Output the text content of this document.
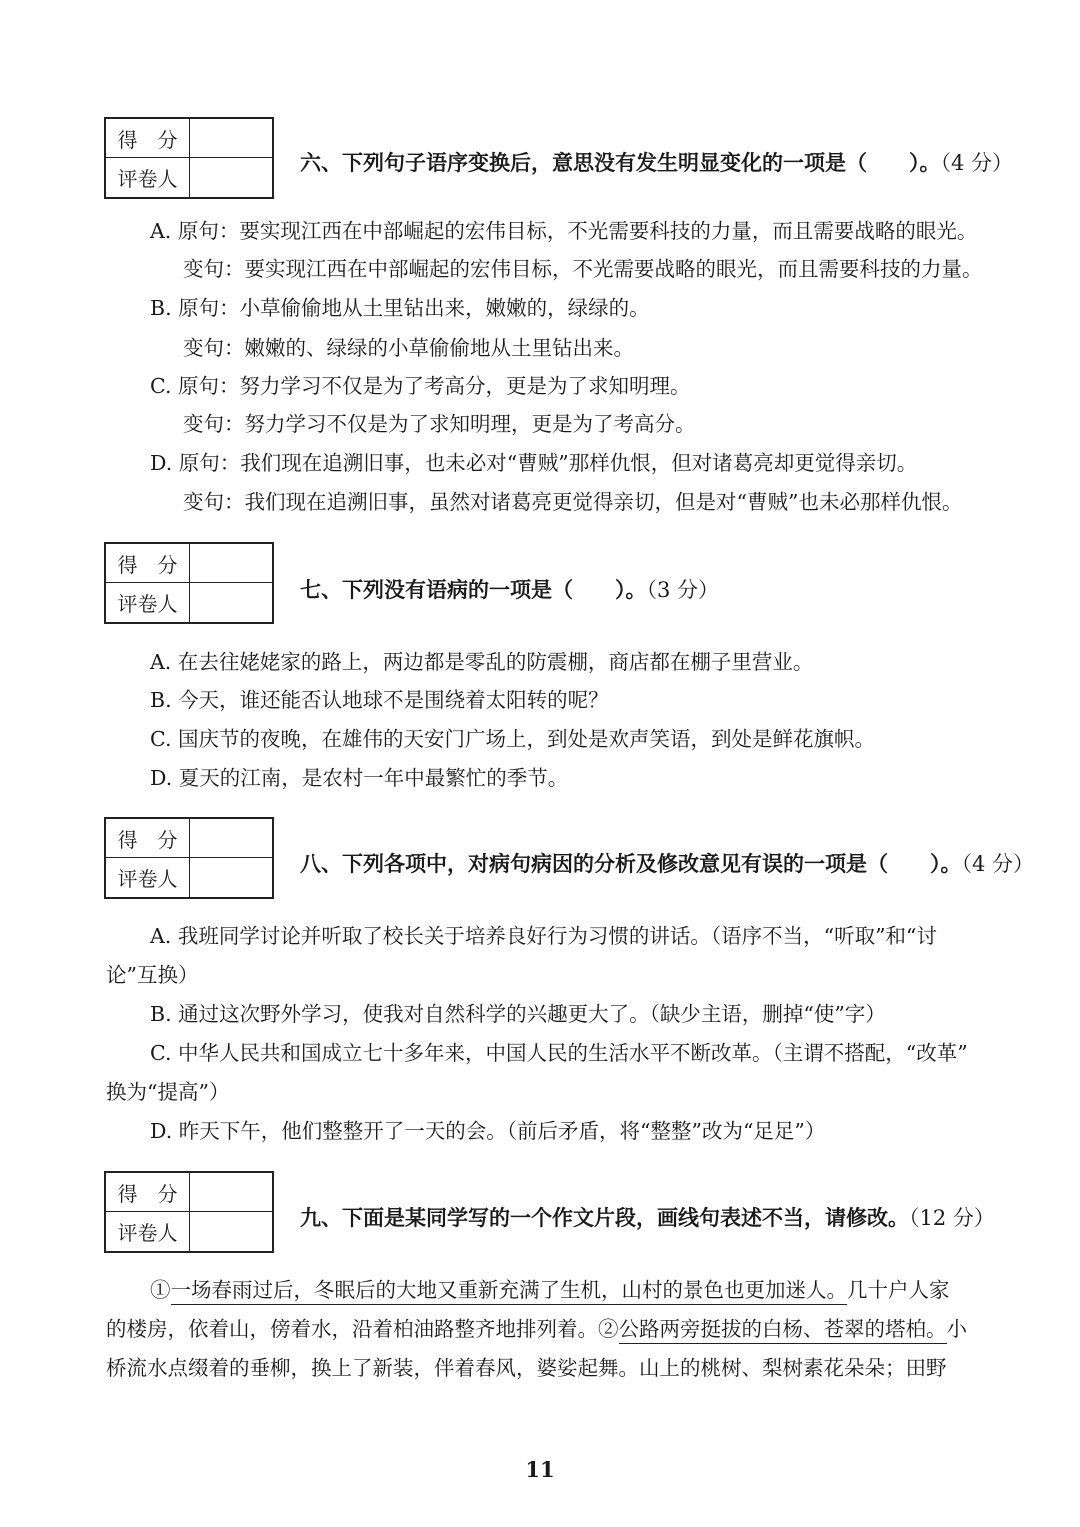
得　分
评卷人
六、下列句子语序变换后，意思没有发生明显变化的一项是（　　）。（4 分）
A. 原句：要实现江西在中部崛起的宏伟目标，不光需要科技的力量，而且需要战略的眼光。
变句：要实现江西在中部崛起的宏伟目标，不光需要战略的眼光，而且需要科技的力量。
B. 原句：小草偷偷地从土里钻出来，嫩嫩的，绿绿的。
变句：嫩嫩的、绿绿的小草偷偷地从土里钻出来。
C. 原句：努力学习不仅是为了考高分，更是为了求知明理。
变句：努力学习不仅是为了求知明理，更是为了考高分。
D. 原句：我们现在追溯旧事，也未必对“曹贼”那样仇恨，但对诸葛亮却更觉得亲切。
变句：我们现在追溯旧事，虽然对诸葛亮更觉得亲切，但是对“曹贼”也未必那样仇恨。
得　分
评卷人
七、下列没有语病的一项是（　　）。（3 分）
A. 在去往姥姥家的路上，两边都是零乱的防震棚，商店都在棚子里营业。
B. 今天，谁还能否认地球不是围绕着太阳转的呢？
C. 国庆节的夜晚，在雄伟的天安门广场上，到处是欢声笑语，到处是鲜花旗帜。
D. 夏天的江南，是农村一年中最繁忙的季节。
得　分
评卷人
八、下列各项中，对病句病因的分析及修改意见有误的一项是（　　）。（4 分）
A. 我班同学讨论并听取了校长关于培养良好行为习惯的讲话。（语序不当，“听取”和“讨
论”互换）
B. 通过这次野外学习，使我对自然科学的兴趣更大了。（缺少主语，删掉“使”字）
C. 中华人民共和国成立七十多年来，中国人民的生活水平不断改革。（主谓不搭配，“改革”
换为“提高”）
D. 昨天下午，他们整整开了一天的会。（前后矛盾，将“整整”改为“足足”）
得　分
评卷人
九、下面是某同学写的一个作文片段，画线句表述不当，请修改。（12 分）
①一场春雨过后，冬眠后的大地又重新充满了生机，山村的景色也更加迷人。几十户人家
的楼房，依着山，傍着水，沿着柏油路整齐地排列着。②公路两旁挺拔的白杨、苍翠的塔柏。小
桥流水点缀着的垂柳，换上了新装，伴着春风，婆娑起舞。山上的桃树、梨树素花朵朵；田野
11
